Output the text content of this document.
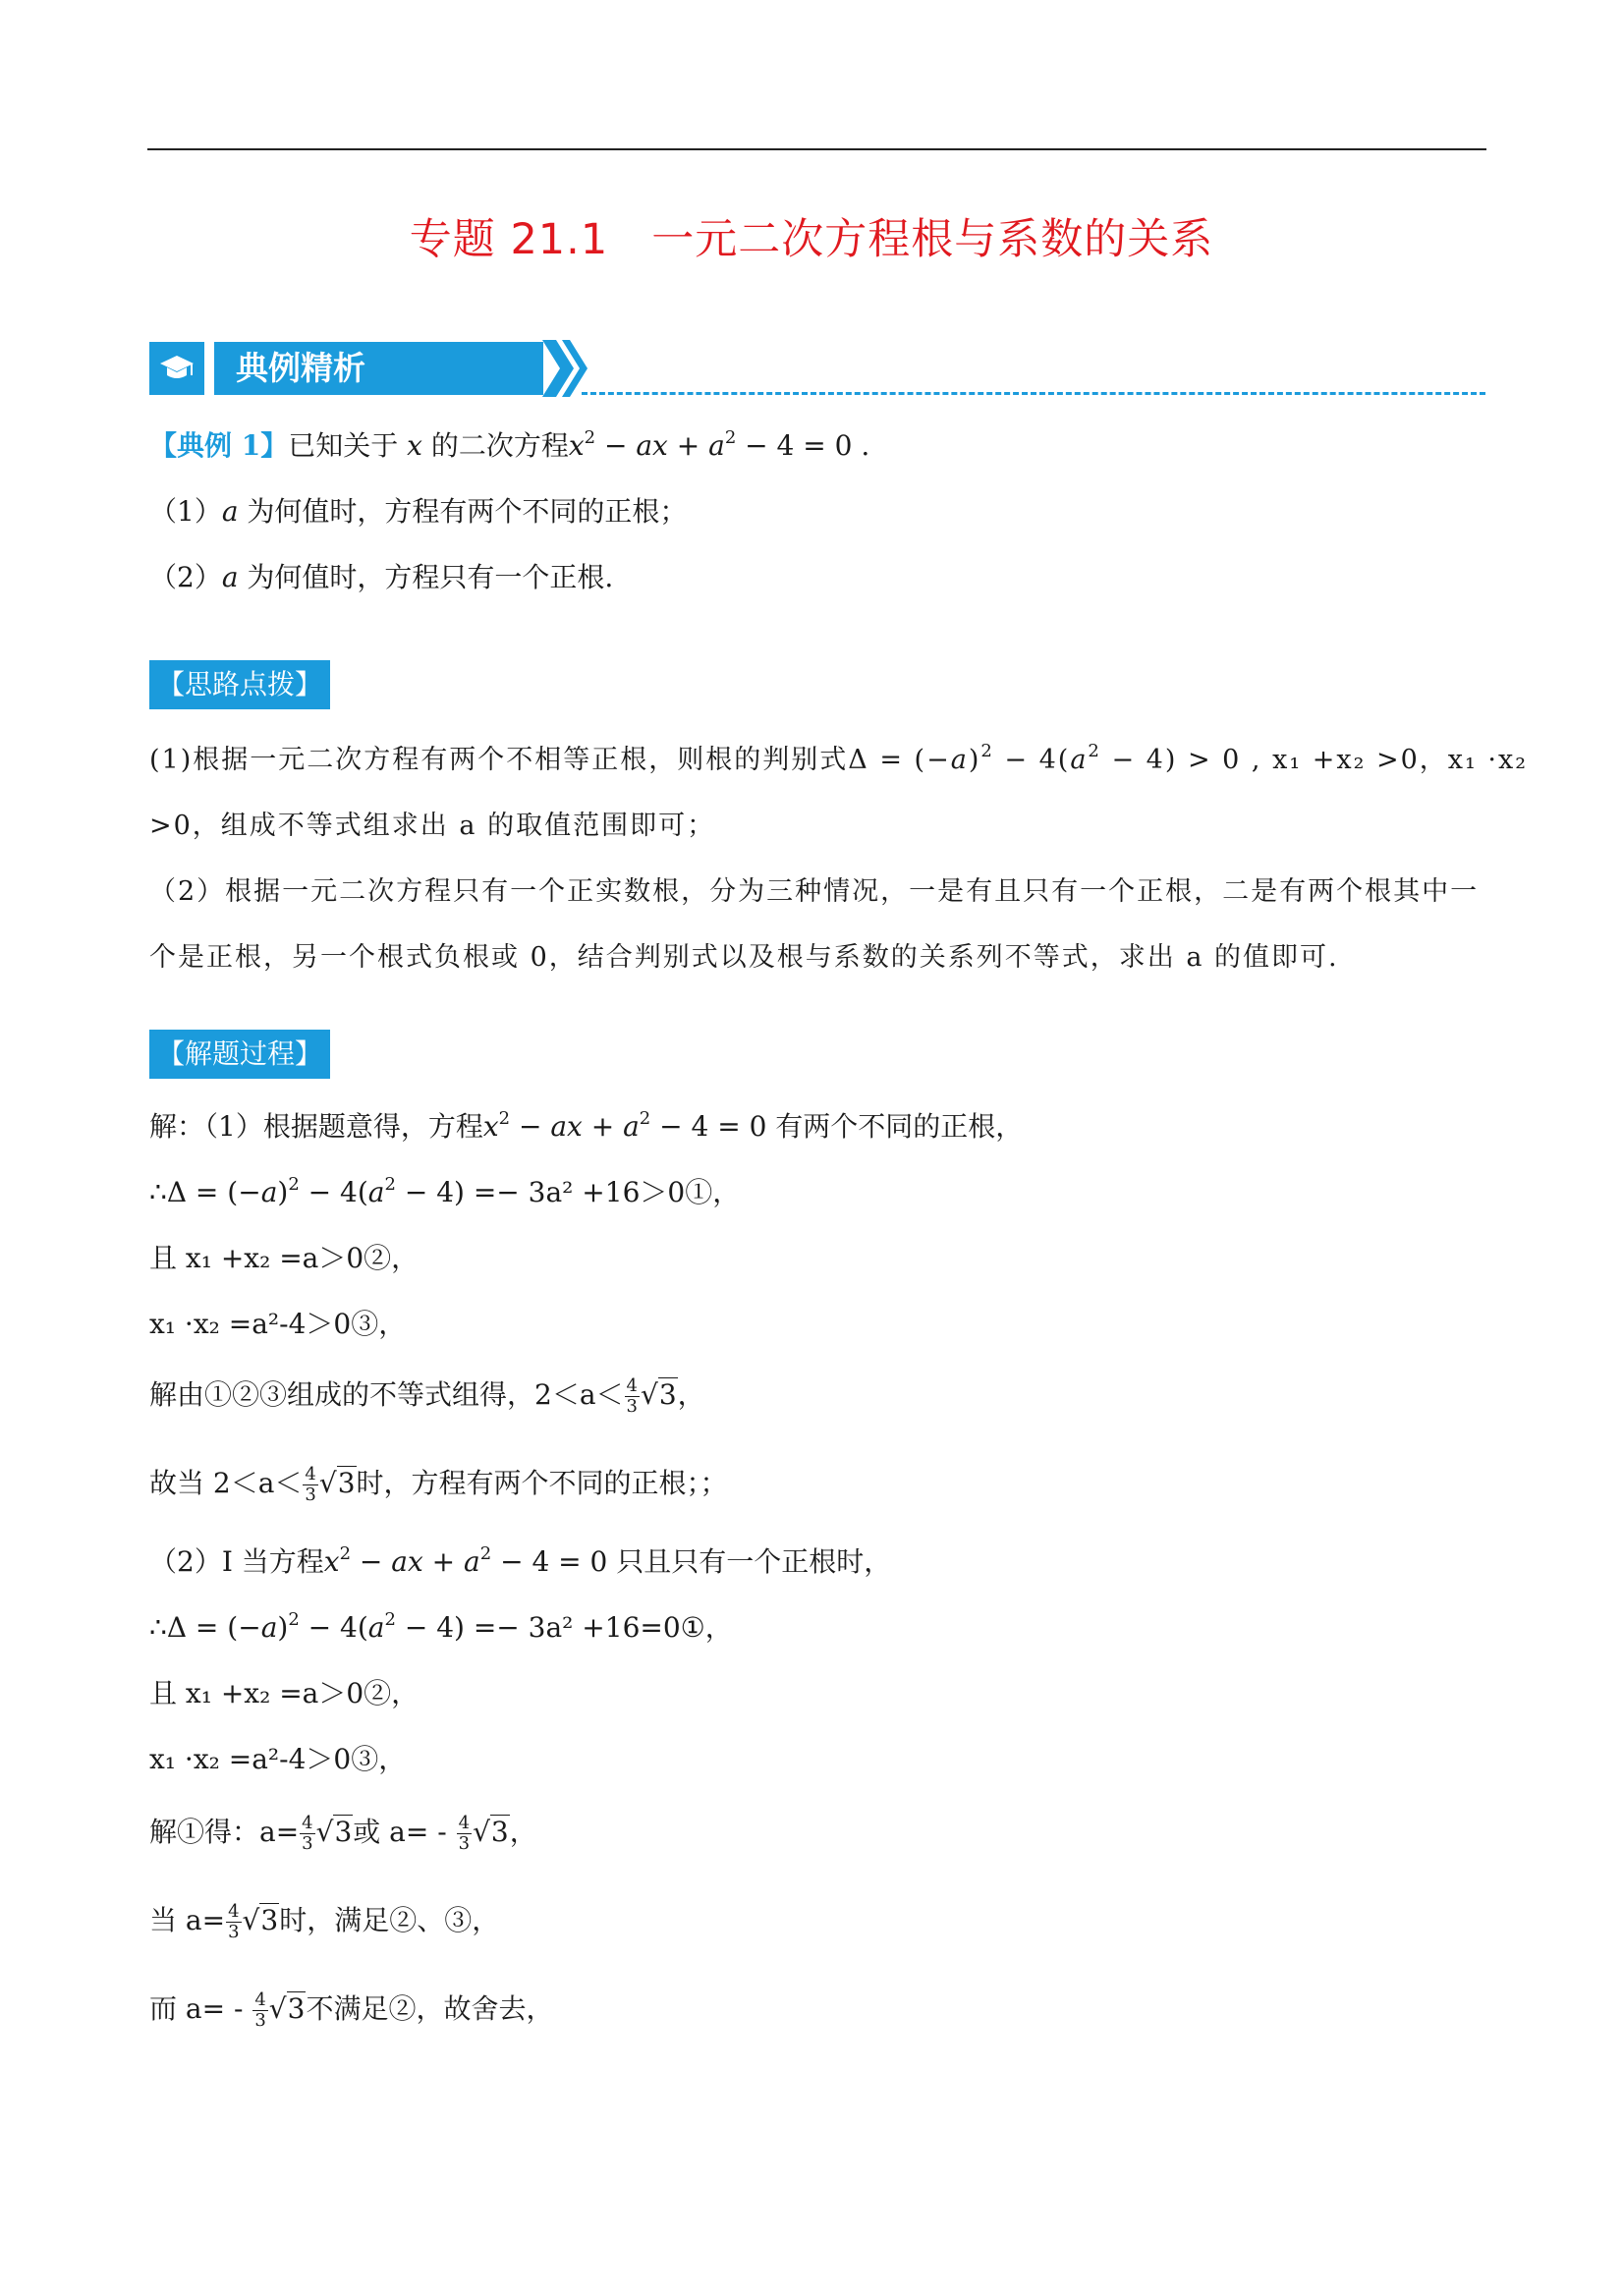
专题 21.1　一元二次方程根与系数的关系
典例精析
【典例 1】已知关于 x 的二次方程$x^2$ − ax + $a^2 - 4 = 0$ .
（1）a 为何值时，方程有两个不同的正根；
（2）a 为何值时，方程只有一个正根.
【思路点拨】
(1)根据一元二次方程有两个不相等正根，则根的判别式$\Delta = (-a)^2 - 4(a^2 - 4) > 0$ , x₁ +x₂ >0，x₁ ·x₂
>0，组成不等式组求出 a 的取值范围即可；
（2）根据一元二次方程只有一个正实数根，分为三种情况，一是有且只有一个正根，二是有两个根其中一
个是正根，另一个根式负根或 0，结合判别式以及根与系数的关系列不等式，求出 a 的值即可.
【解题过程】
解：（1）根据题意得，方程$x^2$ − ax + $a^2 - 4 = 0$ 有两个不同的正根，
∴Δ = $(-a)^2 - 4(a^2 - 4) =- 3a^2$ +16＞0①，
且 x₁ +x₂ =a＞0②，
x₁ ·x₂ =a²-4＞0③，
解由①②③组成的不等式组得，$2<a< \frac{4}{3} √3$，
故当 $2<a< \frac{4}{3} √3$时，方程有两个不同的正根；；
（2）Ⅰ 当方程$x^2$ − ax + $a^2 - 4 = 0$ 只且只有一个正根时，
∴Δ = $(-a)^2 - 4(a^2 - 4) =- 3a^2$ +16=0①，
且 x₁ +x₂ =a＞0②，
x₁ ·x₂ =a²-4＞0③，
解①得：$a= \frac{4}{3} √3$或 $a= - \frac{4}{3} √3$，
当 $a= \frac{4}{3} √3$时，满足②、③，
而 $a= - \frac{4}{3} √3$不满足②，故舍去，
